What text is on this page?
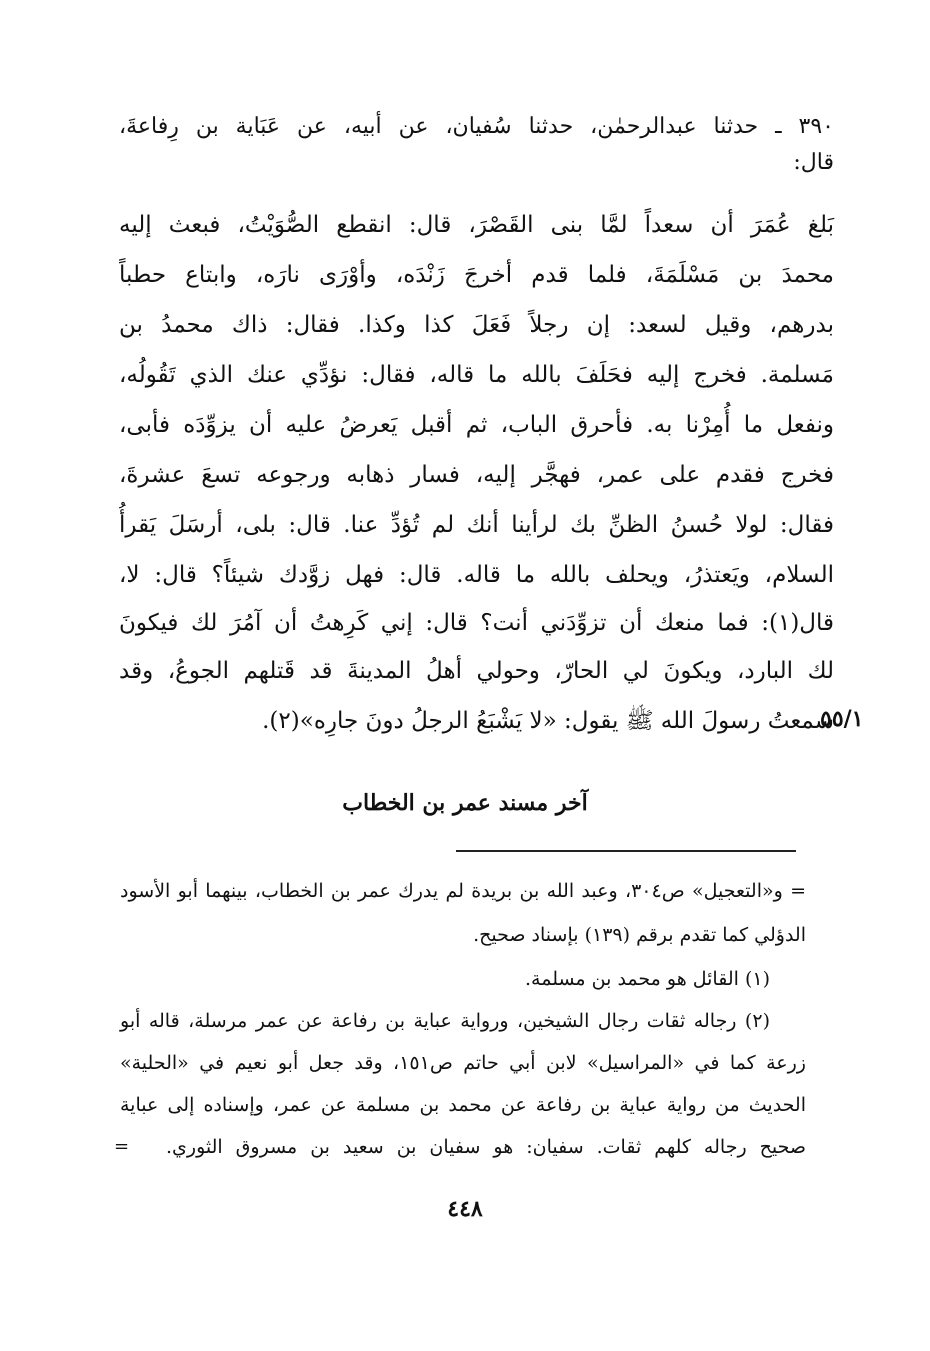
٣٩٠ ـ حدثنا عبدالرحمٰن، حدثنا سُفيان، عن أبيه، عن عَبَاية بن رِفاعةَ،
قال:
بَلغ عُمَرَ أن سعداً لمَّا بنى القَصْرَ، قال: انقطع الصُّوَيْتُ، فبعث إليه
محمدَ بن مَسْلَمَةَ، فلما قدم أخرجَ زَنْدَه، وأوْرَى نارَه، وابتاع حطباً
بدرهم، وقيل لسعد: إن رجلاً فَعَلَ كذا وكذا. فقال: ذاك محمدُ بن
مَسلمة. فخرج إليه فحَلَفَ بالله ما قاله، فقال: نؤدِّي عنك الذي تَقُولُه،
ونفعل ما أُمِرْنا به. فأحرق الباب، ثم أقبل يَعرضُ عليه أن يزوِّدَه فأبى،
فخرج فقدم على عمر، فهجَّر إليه، فسار ذهابه ورجوعه تسعَ عشرةَ،
فقال: لولا حُسنُ الظنِّ بك لرأينا أنك لم تُؤدِّ عنا. قال: بلى، أرسَلَ يَقرأُ
السلام، ويَعتذرُ، ويحلف بالله ما قاله. قال: فهل زوَّدك شيئاً؟ قال: لا،
قال(١): فما منعك أن تزوِّدَني أنت؟ قال: إني كَرِهتُ أن آمُرَ لك فيكونَ
لك البارد، ويكونَ لي الحارّ، وحولي أهلُ المدينةَ قد قَتلهم الجوعُ، وقد
سمعتُ رسولَ الله ﷺ يقول: «لا يَشْبَعُ الرجلُ دونَ جارِه»(٢).
٥٥/١
آخر مسند عمر بن الخطاب
= و«التعجيل» ص٣٠٤، وعبد الله بن بريدة لم يدرك عمر بن الخطاب، بينهما أبو الأسود
الدؤلي كما تقدم برقم (١٣٩) بإسناد صحيح.
(١) القائل هو محمد بن مسلمة.
(٢) رجاله ثقات رجال الشيخين، ورواية عباية بن رفاعة عن عمر مرسلة، قاله أبو
زرعة كما في «المراسيل» لابن أبي حاتم ص١٥١، وقد جعل أبو نعيم في «الحلية»
الحديث من رواية عباية بن رفاعة عن محمد بن مسلمة عن عمر، وإسناده إلى عباية
صحيح رجاله كلهم ثقات. سفيان: هو سفيان بن سعيد بن مسروق الثوري.
=
٤٤٨
